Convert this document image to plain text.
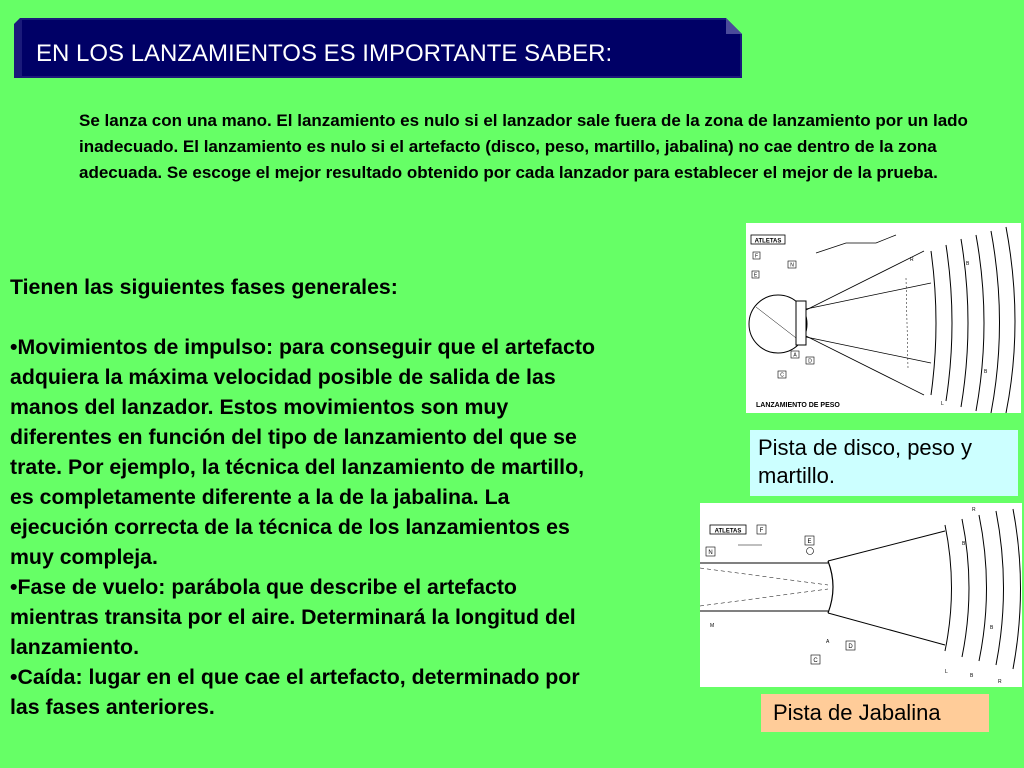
EN LOS LANZAMIENTOS ES IMPORTANTE SABER:

Se lanza con una mano. El lanzamiento es nulo si el lanzador sale fuera de la zona de lanzamiento por un lado inadecuado. El lanzamiento es nulo si el artefacto (disco, peso, martillo, jabalina) no cae dentro de la zona adecuada. Se escoge el mejor resultado obtenido por cada lanzador para establecer el mejor de la prueba.

Tienen las siguientes fases generales:
•Movimientos de impulso: para conseguir que el artefacto
adquiera la máxima velocidad posible de salida de las
manos del lanzador. Estos movimientos son muy
diferentes en función del tipo de lanzamiento del que se
trate. Por ejemplo, la técnica del lanzamiento de martillo,
es completamente diferente a la de la jabalina. La
ejecución correcta de la técnica de los lanzamientos es
muy compleja.
•Fase de vuelo: parábola que describe el artefacto
mientras transita por el aire. Determinará la longitud del
lanzamiento.
•Caída: lugar en el que cae el artefacto, determinado por
las fases anteriores.
ATLETAS
F
E
N
A
D
C
R
B
B
L
LANZAMIENTO DE PESO
Pista de disco, peso y martillo.
ATLETAS	F
N
E
M
A
D
C
R
B
B
B
L
R
Pista de Jabalina
